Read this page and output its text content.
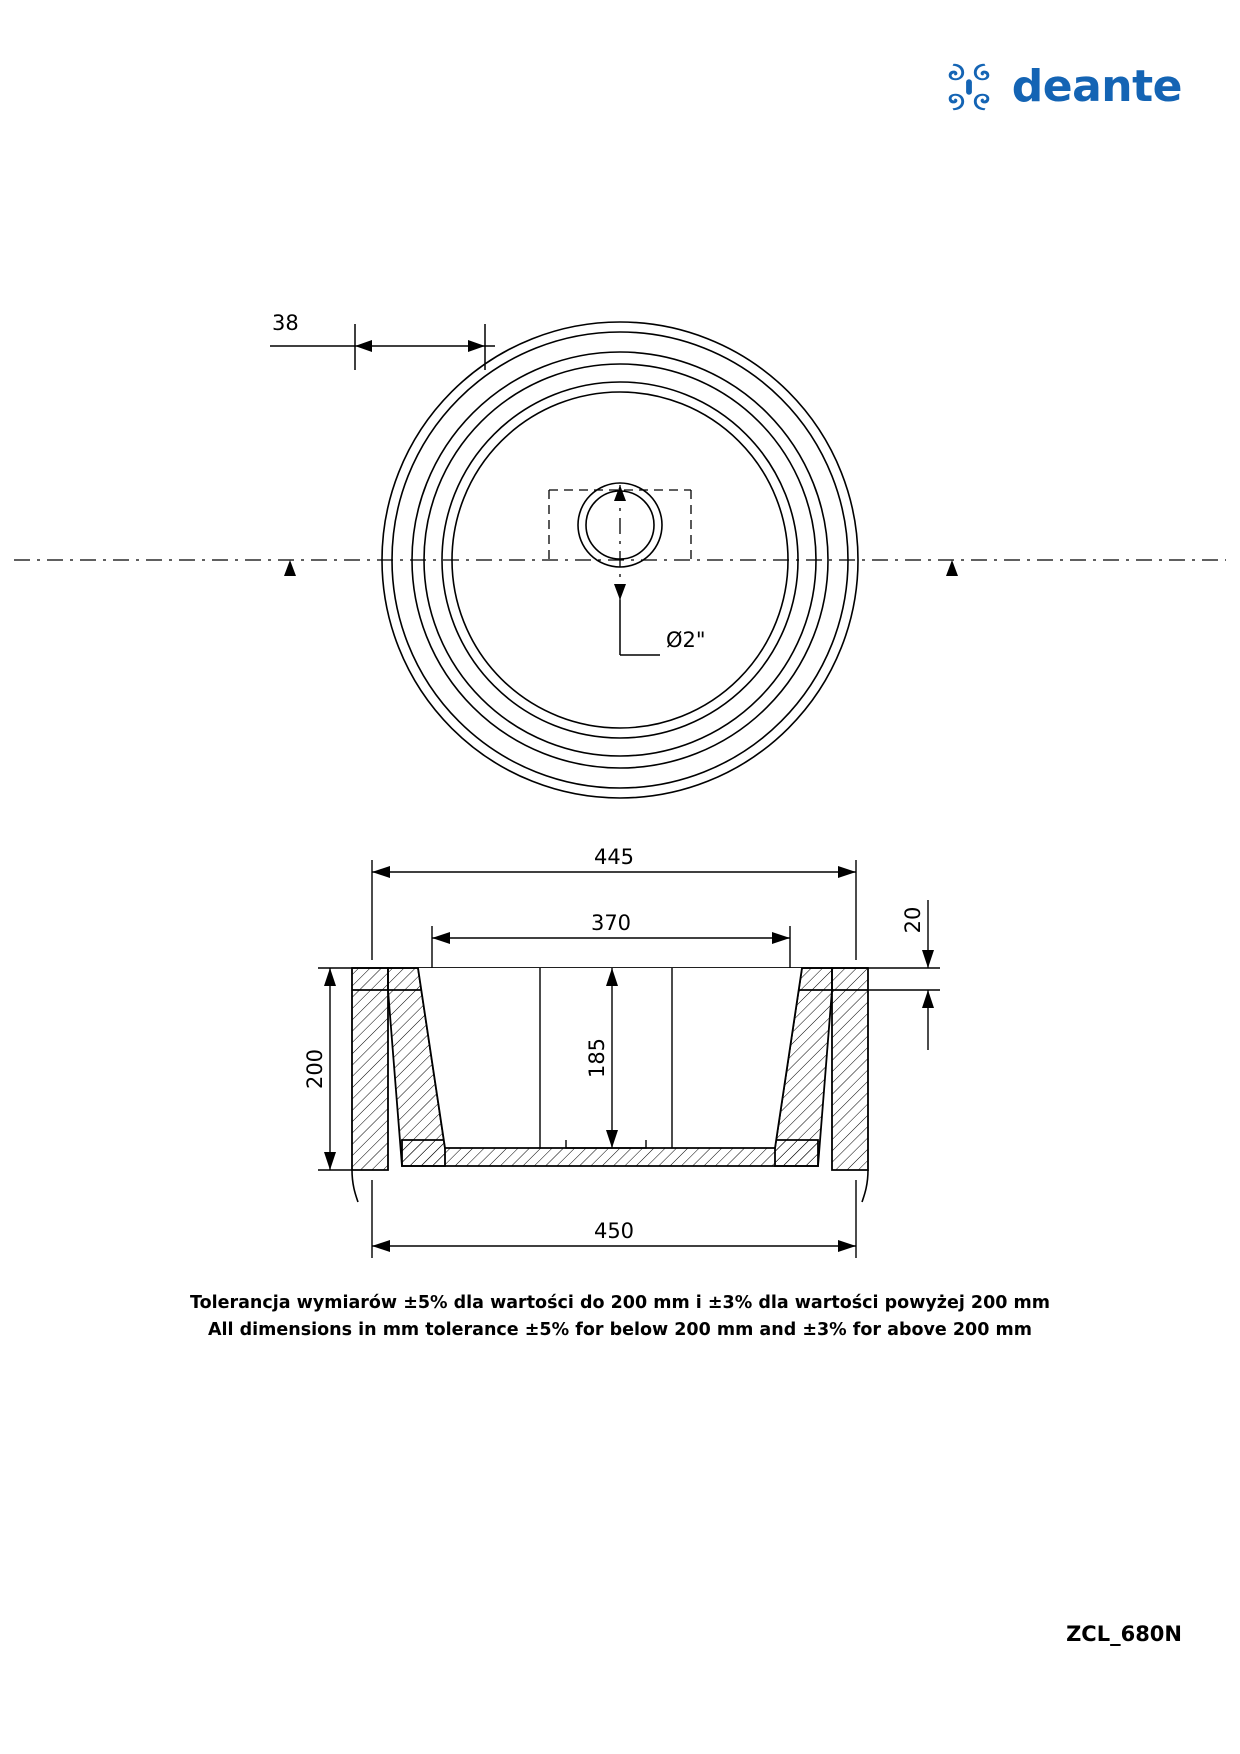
deante
38
Ø2"
445
370
450
200	185
20
Tolerancja wymiarów ±5% dla wartości do 200 mm i ±3% dla wartości powyżej 200 mm
All dimensions in mm tolerance ±5% for below 200 mm and ±3% for above 200 mm
ZCL_680N
